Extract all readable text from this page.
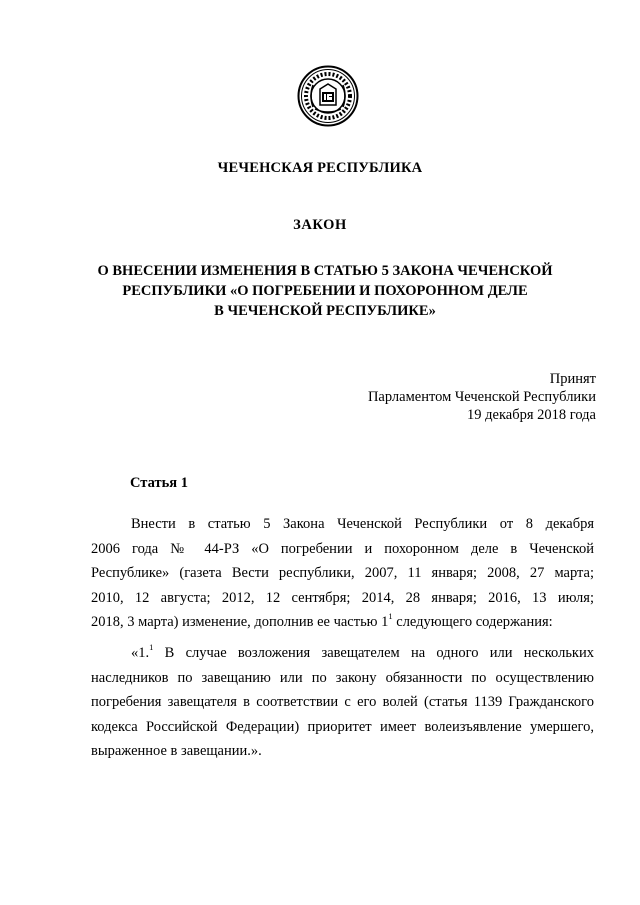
ЧЕЧЕНСКАЯ РЕСПУБЛИКА
ЗАКОН
О ВНЕСЕНИИ ИЗМЕНЕНИЯ В СТАТЬЮ 5 ЗАКОНА ЧЕЧЕНСКОЙ
РЕСПУБЛИКИ «О ПОГРЕБЕНИИ И ПОХОРОННОМ ДЕЛЕ
В ЧЕЧЕНСКОЙ РЕСПУБЛИКЕ»
Принят
Парламентом Чеченской Республики
19 декабря 2018 года
Статья 1
Внести в статью 5 Закона Чеченской Республики от 8 декабря
2006 года № 44-РЗ «О погребении и похоронном деле в Чеченской
Республике» (газета Вести республики, 2007, 11 января; 2008, 27 марта;
2010, 12 августа; 2012, 12 сентября; 2014, 28 января; 2016, 13 июля;
2018, 3 марта) изменение, дополнив ее частью $1^1$ следующего содержания:
«1.$^1$ В случае возложения завещателем на одного или нескольких
наследников по завещанию или по закону обязанности по осуществлению
погребения завещателя в соответствии с его волей (статья 1139 Гражданского
кодекса Российской Федерации) приоритет имеет волеизъявление умершего,
выраженное в завещании.».
